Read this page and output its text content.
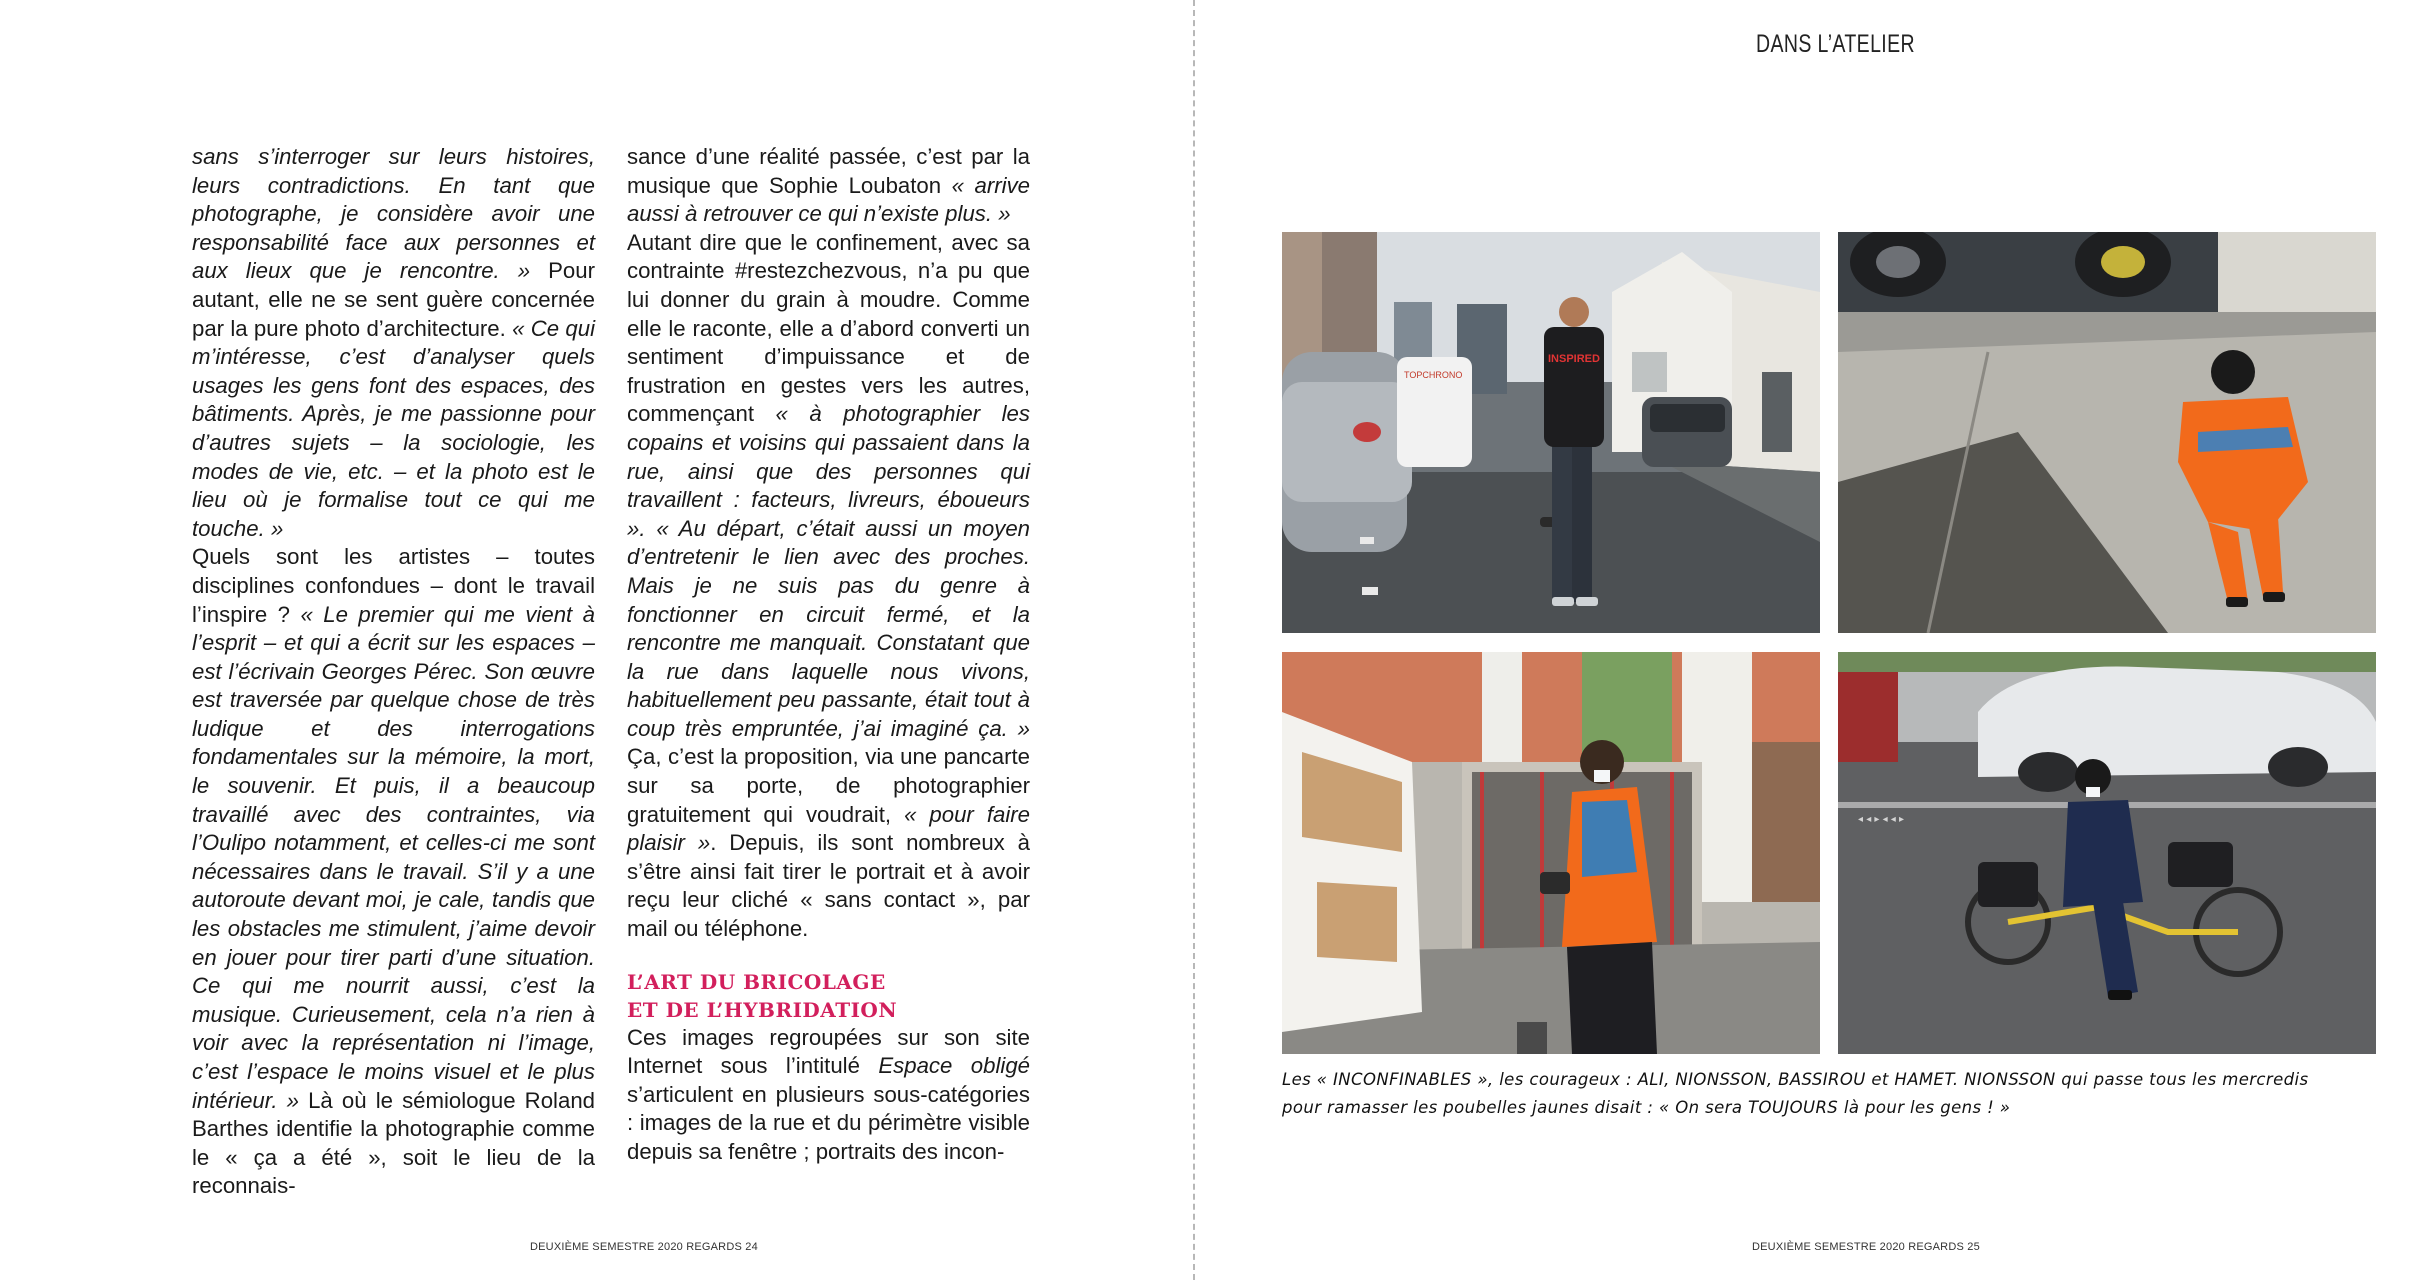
sans s’interroger sur leurs histoires, leurs contradictions. En tant que photographe, je considère avoir une responsabilité face aux personnes et aux lieux que je rencontre. » Pour autant, elle ne se sent guère concernée par la pure photo d’architecture. « Ce qui m’intéresse, c’est d’analyser quels usages les gens font des espaces, des bâtiments. Après, je me passionne pour d’autres sujets – la sociologie, les modes de vie, etc. – et la photo est le lieu où je formalise tout ce qui me touche. »

Quels sont les artistes – toutes disciplines confondues – dont le travail l’inspire ? « Le premier qui me vient à l’esprit – et qui a écrit sur les espaces – est l’écrivain Georges Pérec. Son œuvre est traversée par quelque chose de très ludique et des interrogations fondamentales sur la mémoire, la mort, le souvenir. Et puis, il a beaucoup travaillé avec des contraintes, via l’Oulipo notamment, et celles-ci me sont nécessaires dans le travail. S’il y a une autoroute devant moi, je cale, tandis que les obstacles me stimulent, j’aime devoir en jouer pour tirer parti d’une situation. Ce qui me nourrit aussi, c’est la musique. Curieusement, cela n’a rien à voir avec la représentation ni l’image, c’est l’espace le moins visuel et le plus intérieur. » Là où le sémiologue Roland Barthes identifie la photographie comme le « ça a été », soit le lieu de la reconnais-

sance d’une réalité passée, c’est par la musique que Sophie Loubaton « arrive aussi à retrouver ce qui n’existe plus. »

Autant dire que le confinement, avec sa contrainte #restezchezvous, n’a pu que lui donner du grain à moudre. Comme elle le raconte, elle a d’abord converti un sentiment d’impuissance et de frustration en gestes vers les autres, commençant « à photographier les copains et voisins qui passaient dans la rue, ainsi que des personnes qui travaillent : facteurs, livreurs, éboueurs ». « Au départ, c’était aussi un moyen d’entretenir le lien avec des proches. Mais je ne suis pas du genre à fonctionner en circuit fermé, et la rencontre me manquait. Constatant que la rue dans laquelle nous vivons, habituellement peu passante, était tout à coup très empruntée, j’ai imaginé ça. » Ça, c’est la proposition, via une pancarte sur sa porte, de photographier gratuitement qui voudrait, « pour faire plaisir ». Depuis, ils sont nombreux à s’être ainsi fait tirer le portrait et à avoir reçu leur cliché « sans contact », par mail ou téléphone.

L’ART DU BRICOLAGE
ET DE L’HYBRIDATION

Ces images regroupées sur son site Internet sous l’intitulé Espace obligé s’articulent en plusieurs sous-catégories : images de la rue et du périmètre visible depuis sa fenêtre ; portraits des incon-

DEUXIÈME SEMESTRE 2020 REGARDS 24
DANS L’ATELIER
TOPCHRONO
INSPIRED
◂ ◂ ▸ ◂ ◂ ▸
Les « INCONFINABLES », les courageux : ALI, NIONSSON, BASSIROU et HAMET. NIONSSON qui passe tous les mercredis
pour ramasser les poubelles jaunes disait : « On sera TOUJOURS là pour les gens ! »
DEUXIÈME SEMESTRE 2020 REGARDS 25
